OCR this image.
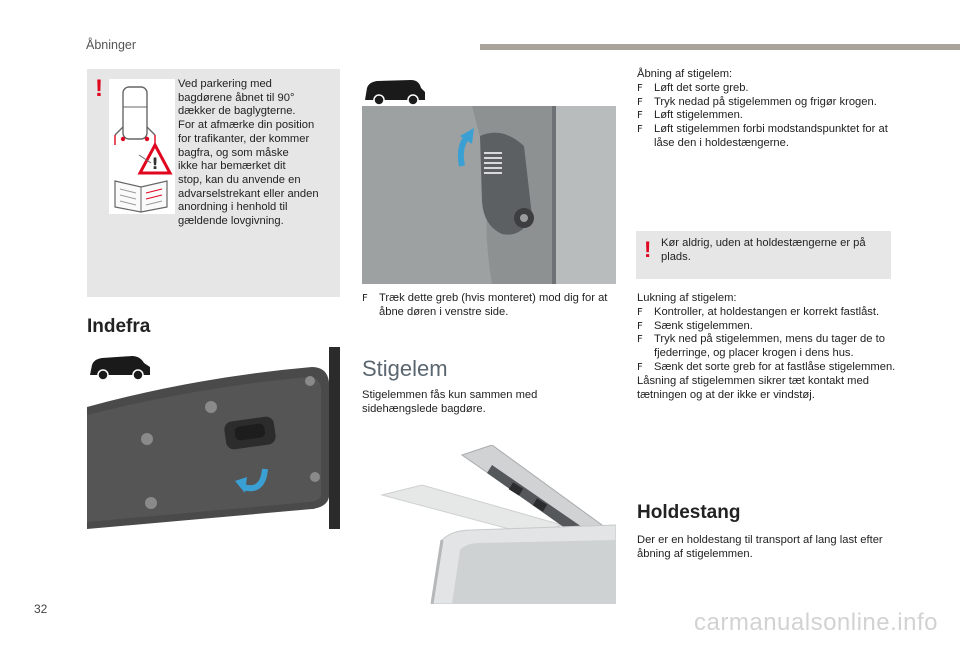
Åbninger
!
!
Ved parkering med
bagdørene åbnet til 90°
dækker de baglygterne.
For at afmærke din position
for trafikanter, der kommer
bagfra, og som måske
ikke har bemærket dit
stop, kan du anvende en
advarselstrekant eller anden
anordning i henhold til
gældende lovgivning.
Indefra
F Træk dette greb (hvis monteret) mod dig for at åbne døren i venstre side.
Stigelem
Stigelemmen fås kun sammen med sidehængslede bagdøre.
Åbning af stigelem:
F Løft det sorte greb.
F Tryk nedad på stigelemmen og frigør krogen.
F Løft stigelemmen.
F Løft stigelemmen forbi modstandspunktet for at låse den i holdestængerne.
! Kør aldrig, uden at holdestængerne er på plads.
Lukning af stigelem:
F Kontroller, at holdestangen er korrekt fastlåst.
F Sænk stigelemmen.
F Tryk ned på stigelemmen, mens du tager de to fjederringe, og placer krogen i dens hus.
F Sænk det sorte greb for at fastlåse stigelemmen.
Låsning af stigelemmen sikrer tæt kontakt med tætningen og at der ikke er vindstøj.
Holdestang
Der er en holdestang til transport af lang last efter åbning af stigelemmen.
32	carmanualsonline.info
